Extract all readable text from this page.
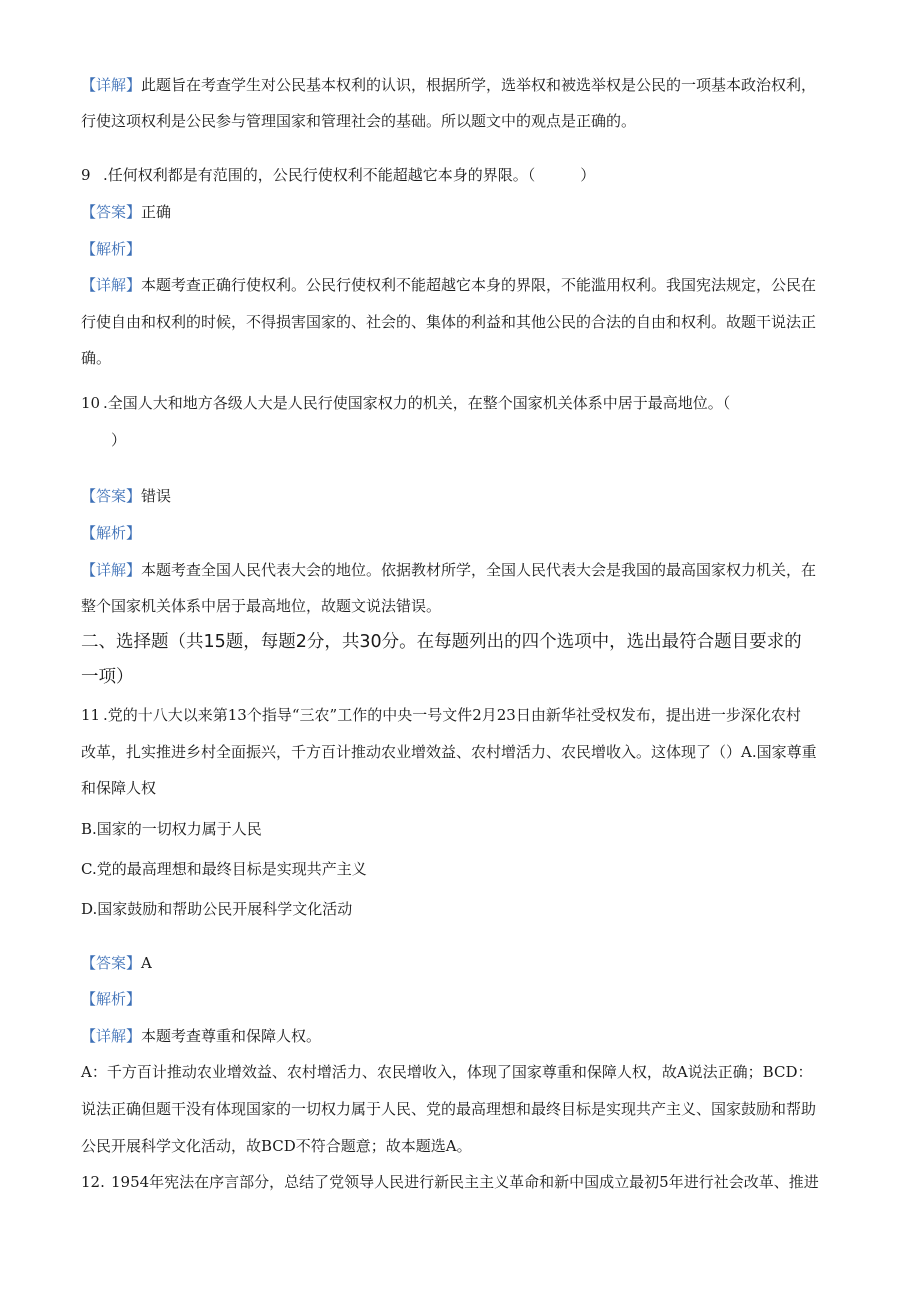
【详解】此题旨在考查学生对公民基本权利的认识，根据所学，选举权和被选举权是公民的一项基本政治权利，
行使这项权利是公民参与管理国家和管理社会的基础。所以题文中的观点是正确的。
9 .任何权利都是有范围的，公民行使权利不能超越它本身的界限。（　　　）
【答案】正确
【解析】
【详解】本题考查正确行使权利。公民行使权利不能超越它本身的界限，不能滥用权利。我国宪法规定，公民在
行使自由和权利的时候，不得损害国家的、社会的、集体的利益和其他公民的合法的自由和权利。故题干说法正
确。
10 .全国人大和地方各级人大是人民行使国家权力的机关，在整个国家机关体系中居于最高地位。（
）
【答案】错误
【解析】
【详解】本题考查全国人民代表大会的地位。依据教材所学，全国人民代表大会是我国的最高国家权力机关，在
整个国家机关体系中居于最高地位，故题文说法错误。
二、选择题（共15题，每题2分，共30分。在每题列出的四个选项中，选出最符合题目要求的
一项）
11 .党的十八大以来第13个指导“三农”工作的中央一号文件2月23日由新华社受权发布，提出进一步深化农村
改革，扎实推进乡村全面振兴，千方百计推动农业增效益、农村增活力、农民增收入。这体现了（）A.国家尊重
和保障人权
B.国家的一切权力属于人民
C.党的最高理想和最终目标是实现共产主义
D.国家鼓励和帮助公民开展科学文化活动
【答案】A
【解析】
【详解】本题考查尊重和保障人权。
A：千方百计推动农业增效益、农村增活力、农民增收入，体现了国家尊重和保障人权，故A说法正确；BCD：
说法正确但题干没有体现国家的一切权力属于人民、党的最高理想和最终目标是实现共产主义、国家鼓励和帮助
公民开展科学文化活动，故BCD不符合题意；故本题选A。
12. 1954年宪法在序言部分，总结了党领导人民进行新民主主义革命和新中国成立最初5年进行社会改革、推进
